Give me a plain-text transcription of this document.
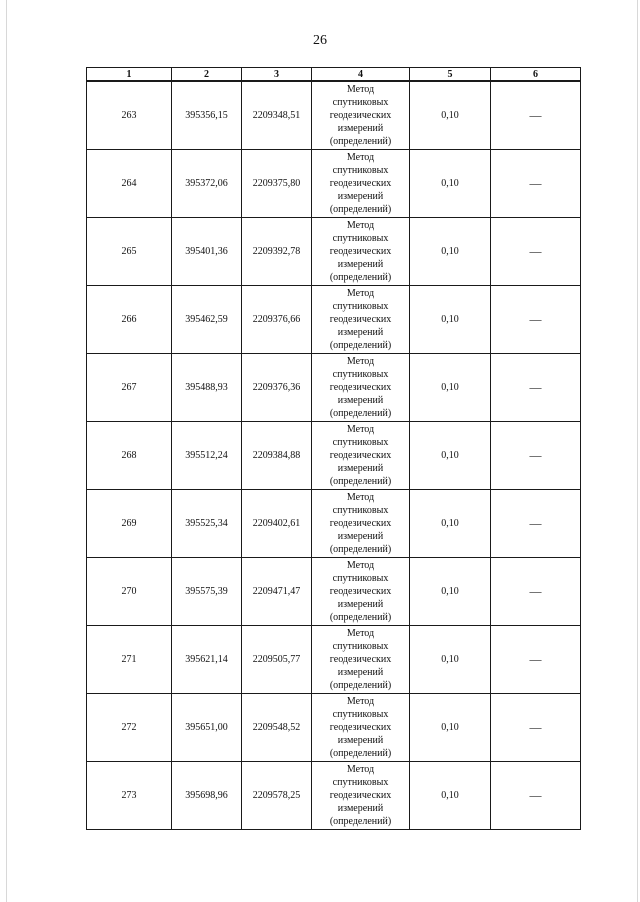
26
1	2	3	4	5	6
263	395356,15	2209348,51	Метод
спутниковых
геодезических
измерений
(определений)	0,10	—
264	395372,06	2209375,80	Метод
спутниковых
геодезических
измерений
(определений)	0,10	—
265	395401,36	2209392,78	Метод
спутниковых
геодезических
измерений
(определений)	0,10	—
266	395462,59	2209376,66	Метод
спутниковых
геодезических
измерений
(определений)	0,10	—
267	395488,93	2209376,36	Метод
спутниковых
геодезических
измерений
(определений)	0,10	—
268	395512,24	2209384,88	Метод
спутниковых
геодезических
измерений
(определений)	0,10	—
269	395525,34	2209402,61	Метод
спутниковых
геодезических
измерений
(определений)	0,10	—
270	395575,39	2209471,47	Метод
спутниковых
геодезических
измерений
(определений)	0,10	—
271	395621,14	2209505,77	Метод
спутниковых
геодезических
измерений
(определений)	0,10	—
272	395651,00	2209548,52	Метод
спутниковых
геодезических
измерений
(определений)	0,10	—
273	395698,96	2209578,25	Метод
спутниковых
геодезических
измерений
(определений)	0,10	—
